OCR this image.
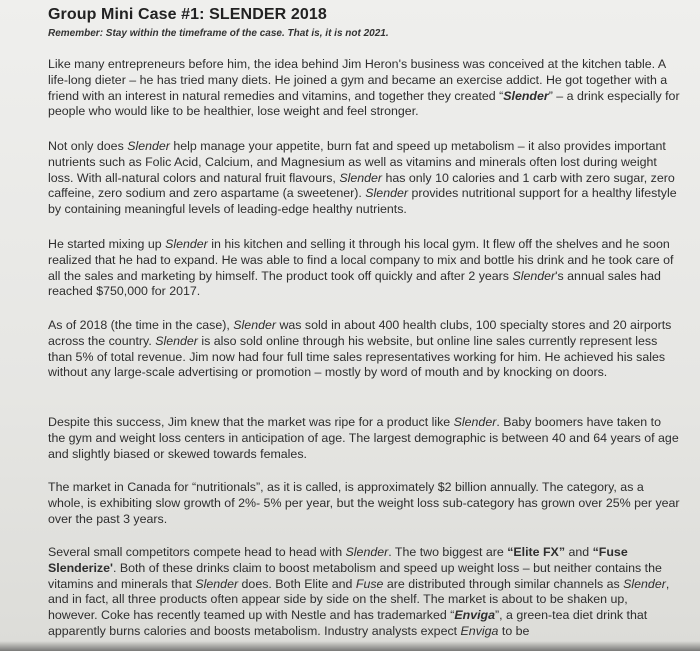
Group Mini Case #1: SLENDER 2018
Remember: Stay within the timeframe of the case. That is, it is not 2021.

Like many entrepreneurs before him, the idea behind Jim Heron's business was conceived at the kitchen table. A life-long dieter – he has tried many diets. He joined a gym and became an exercise addict. He got together with a friend with an interest in natural remedies and vitamins, and together they created “Slender” – a drink especially for people who would like to be healthier, lose weight and feel stronger.

Not only does Slender help manage your appetite, burn fat and speed up metabolism – it also provides important nutrients such as Folic Acid, Calcium, and Magnesium as well as vitamins and minerals often lost during weight loss. With all-natural colors and natural fruit flavours, Slender has only 10 calories and 1 carb with zero sugar, zero caffeine, zero sodium and zero aspartame (a sweetener). Slender provides nutritional support for a healthy lifestyle by containing meaningful levels of leading-edge healthy nutrients.

He started mixing up Slender in his kitchen and selling it through his local gym. It flew off the shelves and he soon realized that he had to expand. He was able to find a local company to mix and bottle his drink and he took care of all the sales and marketing by himself. The product took off quickly and after 2 years Slender's annual sales had reached $750,000 for 2017.

As of 2018 (the time in the case), Slender was sold in about 400 health clubs, 100 specialty stores and 20 airports across the country. Slender is also sold online through his website, but online line sales currently represent less than 5% of total revenue. Jim now had four full time sales representatives working for him. He achieved his sales without any large-scale advertising or promotion – mostly by word of mouth and by knocking on doors.

Despite this success, Jim knew that the market was ripe for a product like Slender. Baby boomers have taken to the gym and weight loss centers in anticipation of age. The largest demographic is between 40 and 64 years of age and slightly biased or skewed towards females.

The market in Canada for “nutritionals”, as it is called, is approximately $2 billion annually. The category, as a whole, is exhibiting slow growth of 2%- 5% per year, but the weight loss sub-category has grown over 25% per year over the past 3 years.

Several small competitors compete head to head with Slender. The two biggest are “Elite FX” and “Fuse Slenderize'. Both of these drinks claim to boost metabolism and speed up weight loss – but neither contains the vitamins and minerals that Slender does. Both Elite and Fuse are distributed through similar channels as Slender, and in fact, all three products often appear side by side on the shelf. The market is about to be shaken up, however. Coke has recently teamed up with Nestle and has trademarked “Enviga”, a green-tea diet drink that apparently burns calories and boosts metabolism. Industry analysts expect Enviga to be
